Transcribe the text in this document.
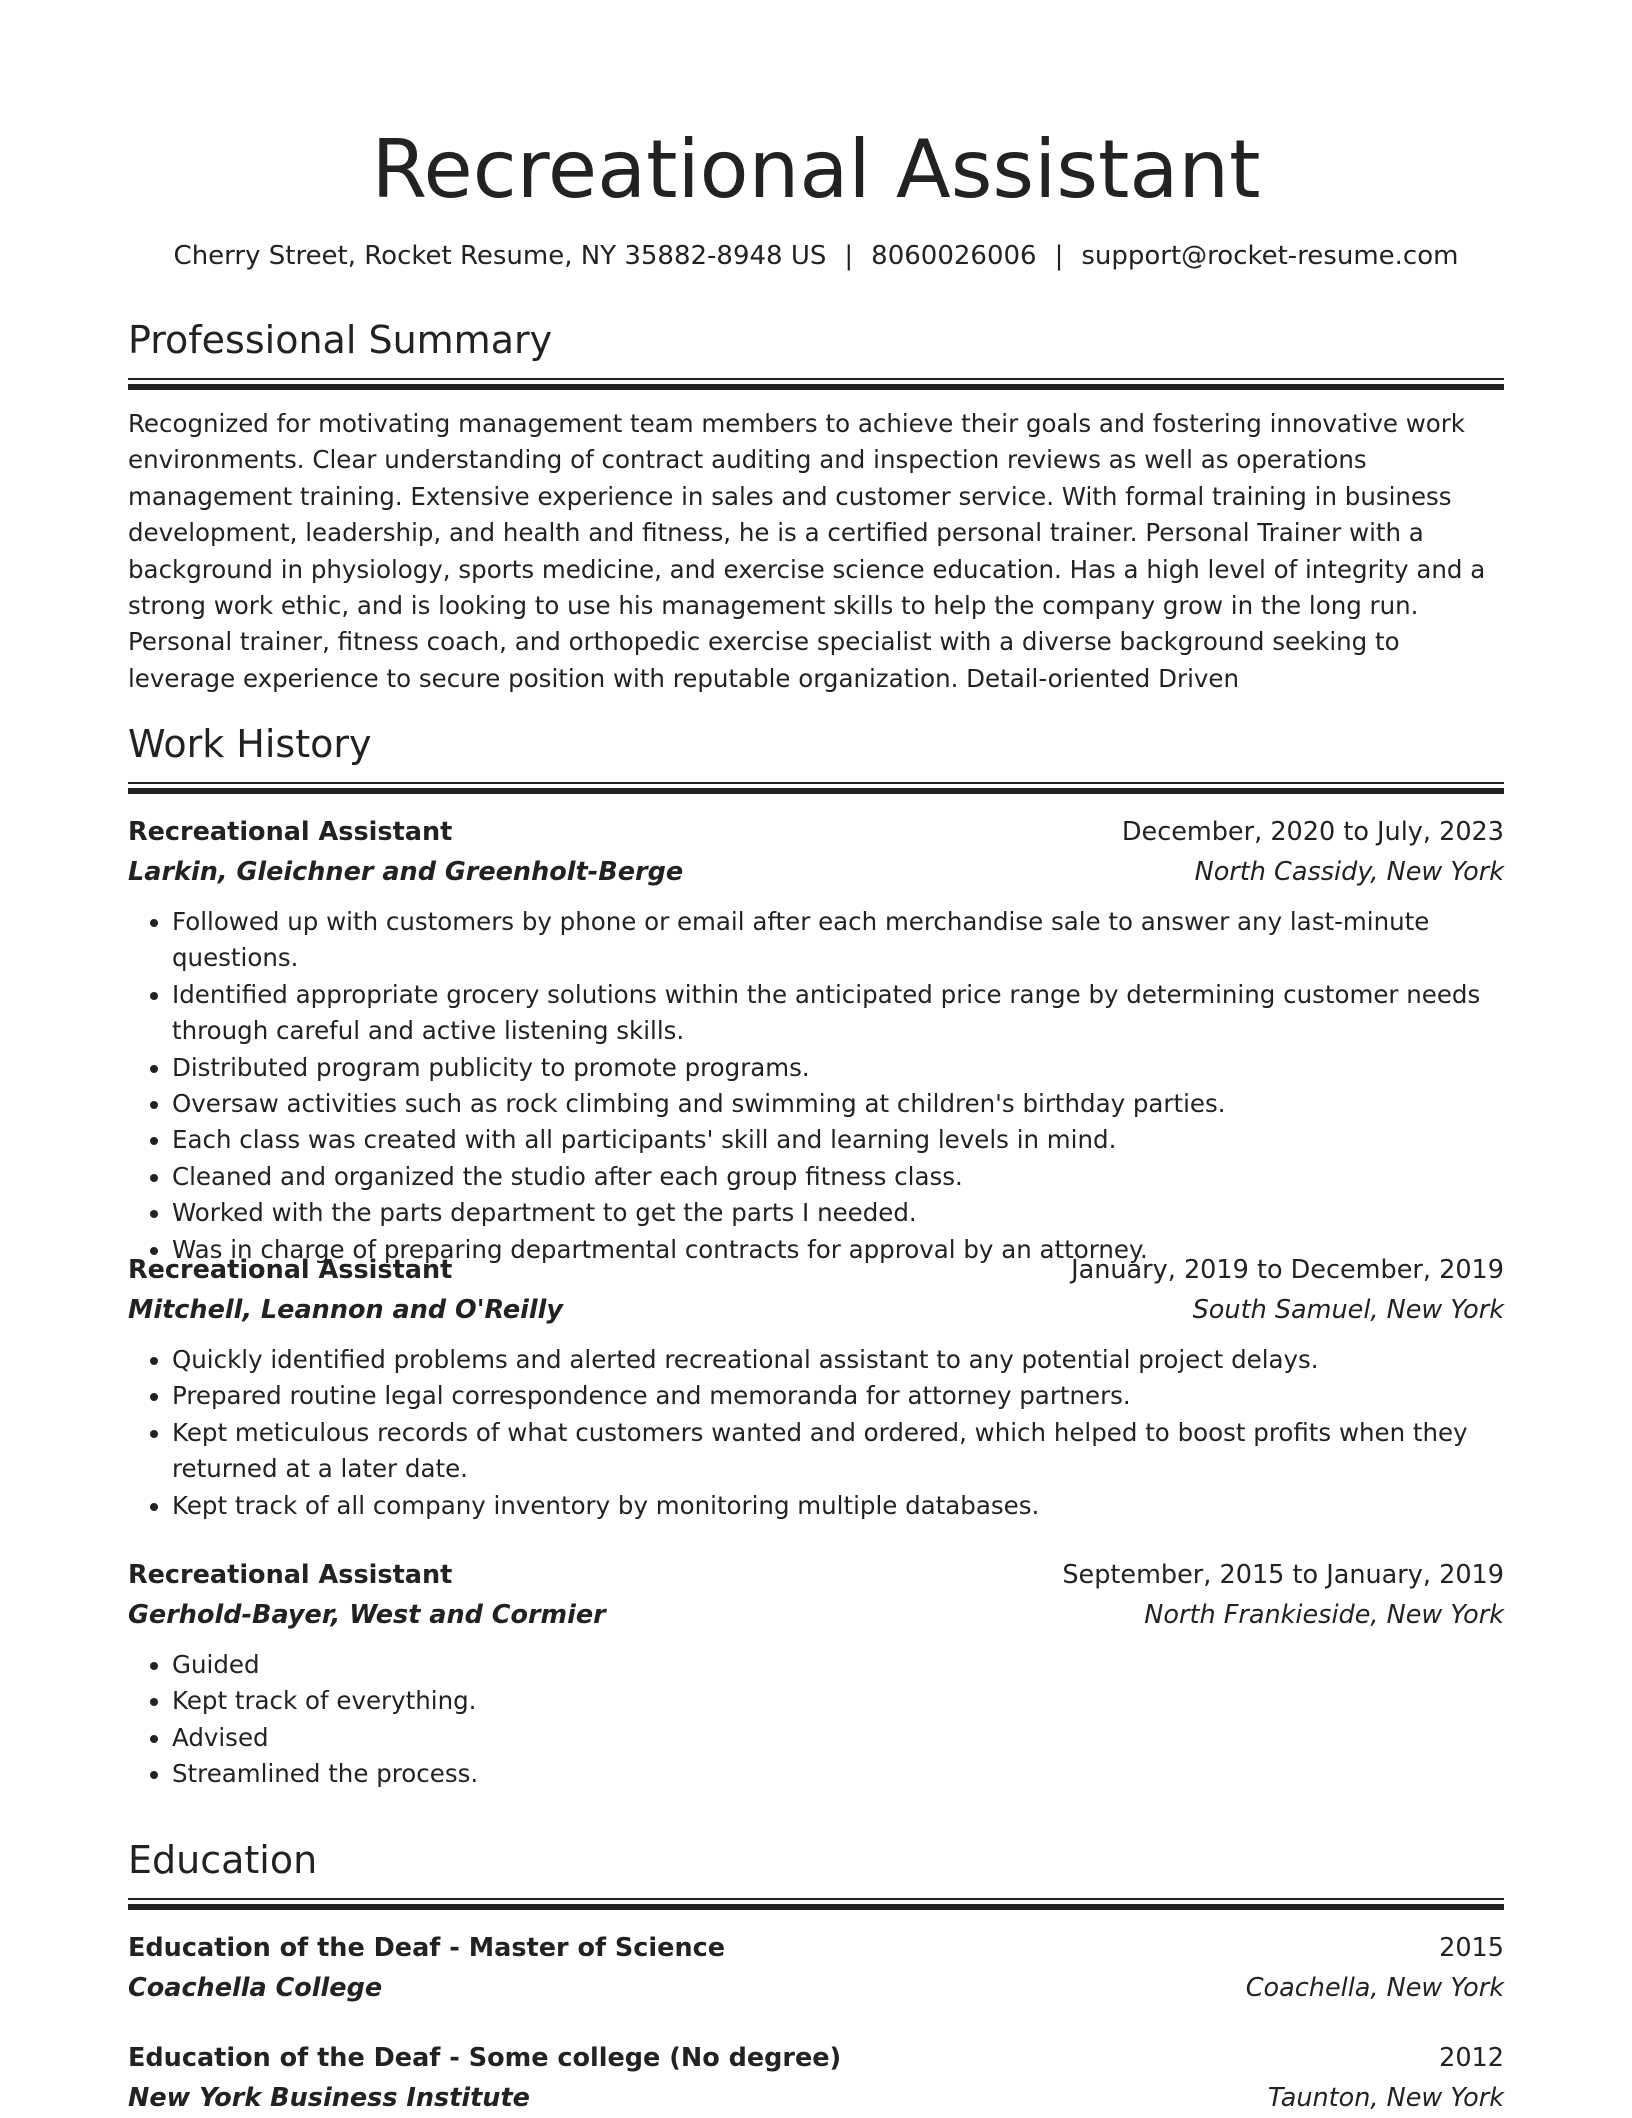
Recreational Assistant
Cherry Street, Rocket Resume, NY 35882-8948 US | 8060026006 | support@rocket-resume.com
Professional Summary
Recognized for motivating management team members to achieve their goals and fostering innovative work environments. Clear understanding of contract auditing and inspection reviews as well as operations management training. Extensive experience in sales and customer service. With formal training in business development, leadership, and health and fitness, he is a certified personal trainer. Personal Trainer with a background in physiology, sports medicine, and exercise science education. Has a high level of integrity and a strong work ethic, and is looking to use his management skills to help the company grow in the long run. Personal trainer, fitness coach, and orthopedic exercise specialist with a diverse background seeking to leverage experience to secure position with reputable organization. Detail-oriented Driven
Work History
Recreational Assistant	December, 2020 to July, 2023
Larkin, Gleichner and Greenholt-Berge	North Cassidy, New York
• Followed up with customers by phone or email after each merchandise sale to answer any last-minute questions.
• Identified appropriate grocery solutions within the anticipated price range by determining customer needs through careful and active listening skills.
• Distributed program publicity to promote programs.
• Oversaw activities such as rock climbing and swimming at children's birthday parties.
• Each class was created with all participants' skill and learning levels in mind.
• Cleaned and organized the studio after each group fitness class.
• Worked with the parts department to get the parts I needed.
• Was in charge of preparing departmental contracts for approval by an attorney.
Recreational Assistant	January, 2019 to December, 2019
Mitchell, Leannon and O'Reilly	South Samuel, New York
• Quickly identified problems and alerted recreational assistant to any potential project delays.
• Prepared routine legal correspondence and memoranda for attorney partners.
• Kept meticulous records of what customers wanted and ordered, which helped to boost profits when they returned at a later date.
• Kept track of all company inventory by monitoring multiple databases.
Recreational Assistant	September, 2015 to January, 2019
Gerhold-Bayer, West and Cormier	North Frankieside, New York
• Guided
• Kept track of everything.
• Advised
• Streamlined the process.
Education
Education of the Deaf - Master of Science	2015
Coachella College	Coachella, New York
Education of the Deaf - Some college (No degree)	2012
New York Business Institute	Taunton, New York
